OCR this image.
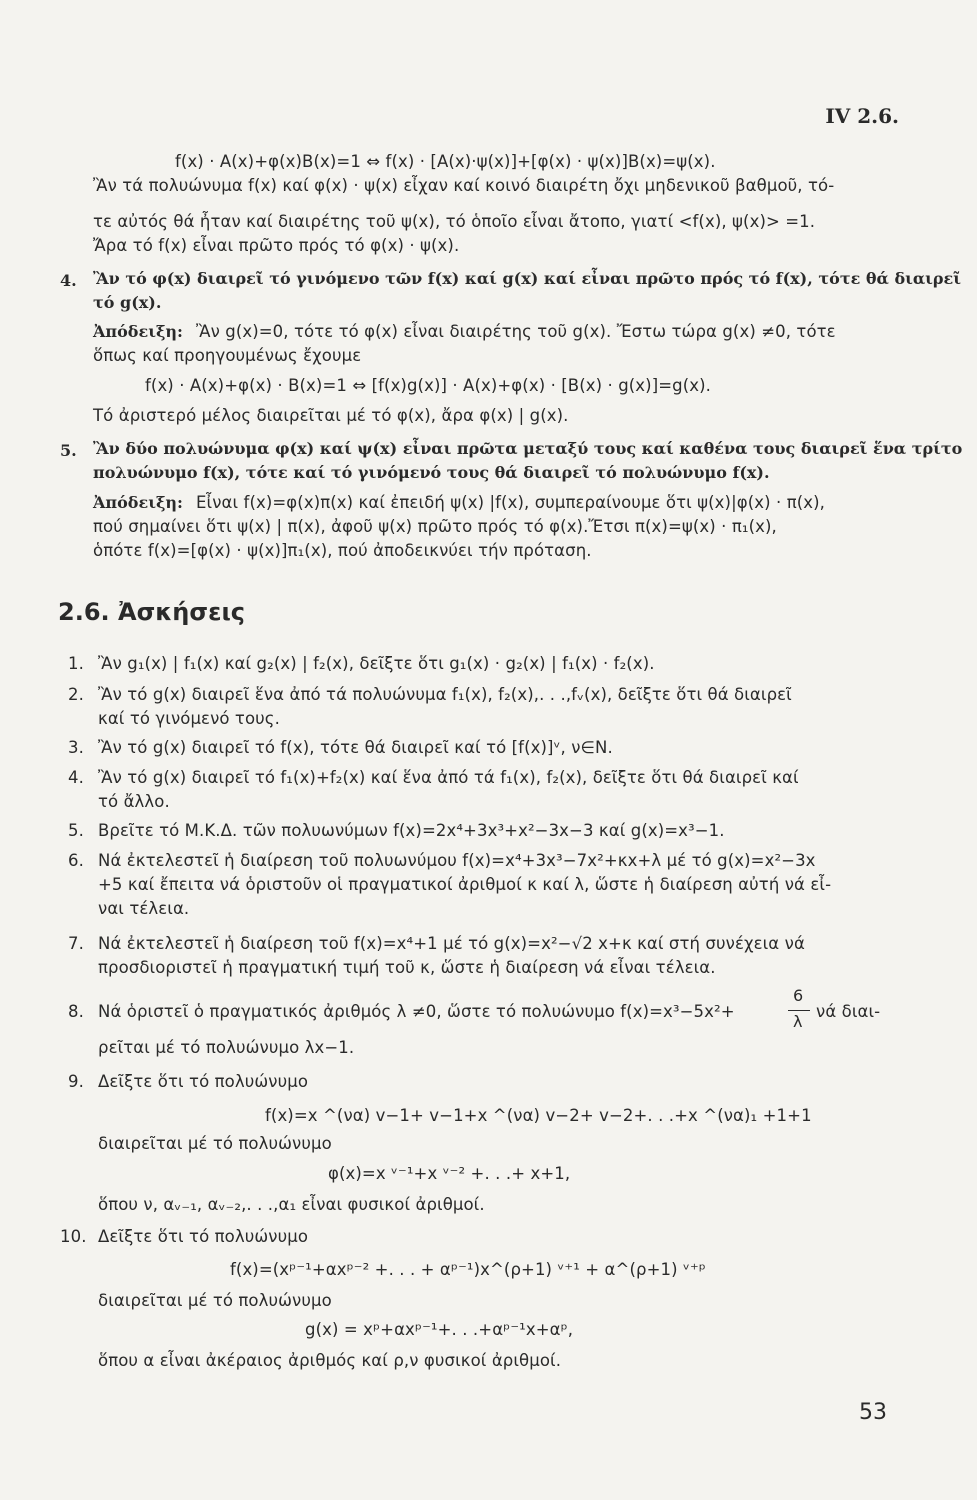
IV 2.6.
f(x) · A(x)+φ(x)B(x)=1 ⇔ f(x) · [A(x)·ψ(x)]+[φ(x) · ψ(x)]B(x)=ψ(x).
Ἂν τά πολυώνυμα f(x) καί φ(x) · ψ(x) εἶχαν καί κοινό διαιρέτη ὄχι μηδενικοῦ βαθμοῦ, τό-
τε αὐτός θά ἦταν καί διαιρέτης τοῦ ψ(x), τό ὁποῖο εἶναι ἄτοπο, γιατί <f(x), ψ(x)> =1.
Ἄρα τό f(x) εἶναι πρῶτο πρός τό φ(x) · ψ(x).
4. Ἂν τό φ(x) διαιρεῖ τό γινόμενο τῶν f(x) καί g(x) καί εἶναι πρῶτο πρός τό f(x), τότε θά διαιρεῖ
τό g(x).
Ἀπόδειξη: Ἂν g(x)=0, τότε τό φ(x) εἶναι διαιρέτης τοῦ g(x). Ἔστω τώρα g(x) ≠0, τότε
ὅπως καί προηγουμένως ἔχουμε
f(x) · A(x)+φ(x) · B(x)=1 ⇔ [f(x)g(x)] · A(x)+φ(x) · [B(x) · g(x)]=g(x).
Τό ἀριστερό μέλος διαιρεῖται μέ τό φ(x), ἄρα φ(x) | g(x).
5. Ἂν δύο πολυώνυμα φ(x) καί ψ(x) εἶναι πρῶτα μεταξύ τους καί καθένα τους διαιρεῖ ἕνα τρίτο
πολυώνυμο f(x), τότε καί τό γινόμενό τους θά διαιρεῖ τό πολυώνυμο f(x).
Ἀπόδειξη: Εἶναι f(x)=φ(x)π(x) καί ἐπειδή ψ(x) |f(x), συμπεραίνουμε ὅτι ψ(x)|φ(x) · π(x),
πού σημαίνει ὅτι ψ(x) | π(x), ἀφοῦ ψ(x) πρῶτο πρός τό φ(x).Ἔτσι π(x)=ψ(x) · π₁(x),
ὁπότε f(x)=[φ(x) · ψ(x)]π₁(x), πού ἀποδεικνύει τήν πρόταση.
2.6. Ἀσκήσεις
1. Ἂν g₁(x) | f₁(x) καί g₂(x) | f₂(x), δεῖξτε ὅτι g₁(x) · g₂(x) | f₁(x) · f₂(x).
2. Ἂν τό g(x) διαιρεῖ ἕνα ἀπό τά πολυώνυμα f₁(x), f₂(x),. . .,fᵥ(x), δεῖξτε ὅτι θά διαιρεῖ
καί τό γινόμενό τους.
3. Ἂν τό g(x) διαιρεῖ τό f(x), τότε θά διαιρεῖ καί τό [f(x)]ᵛ, ν∈N.
4. Ἂν τό g(x) διαιρεῖ τό f₁(x)+f₂(x) καί ἕνα ἀπό τά f₁(x), f₂(x), δεῖξτε ὅτι θά διαιρεῖ καί
τό ἄλλο.
5. Βρεῖτε τό Μ.Κ.Δ. τῶν πολυωνύμων f(x)=2x⁴+3x³+x²−3x−3 καί g(x)=x³−1.
6. Νά ἐκτελεστεῖ ἡ διαίρεση τοῦ πολυωνύμου f(x)=x⁴+3x³−7x²+κx+λ μέ τό g(x)=x²−3x
+5 καί ἔπειτα νά ὁριστοῦν οἱ πραγματικοί ἀριθμοί κ καί λ, ὥστε ἡ διαίρεση αὐτή νά εἶ-
ναι τέλεια.
7. Νά ἐκτελεστεῖ ἡ διαίρεση τοῦ f(x)=x⁴+1 μέ τό g(x)=x²−√2 x+κ καί στή συνέχεια νά
προσδιοριστεῖ ἡ πραγματική τιμή τοῦ κ, ὥστε ἡ διαίρεση νά εἶναι τέλεια.
8. Νά ὁριστεῖ ὁ πραγματικός ἀριθμός λ ≠0, ὥστε τό πολυώνυμο f(x)=x³−5x²+
6
λ
νά διαι-
ρεῖται μέ τό πολυώνυμο λx−1.
9. Δεῖξτε ὅτι τό πολυώνυμο
f(x)=x ^(να) v−1+ v−1+x ^(να) v−2+ v−2+. . .+x ^(να)₁ +1+1
διαιρεῖται μέ τό πολυώνυμο
φ(x)=x ᵛ⁻¹+x ᵛ⁻² +. . .+ x+1,
ὅπου ν, αᵥ₋₁, αᵥ₋₂,. . .,α₁ εἶναι φυσικοί ἀριθμοί.
10. Δεῖξτε ὅτι τό πολυώνυμο
f(x)=(xᵖ⁻¹+αxᵖ⁻² +. . . + αᵖ⁻¹)x^(ρ+1) ᵛ⁺¹ + α^(ρ+1) ᵛ⁺ᵖ
διαιρεῖται μέ τό πολυώνυμο
g(x) = xᵖ+αxᵖ⁻¹+. . .+αᵖ⁻¹x+αᵖ,
ὅπου α εἶναι ἀκέραιος ἀριθμός καί ρ,ν φυσικοί ἀριθμοί.
53
